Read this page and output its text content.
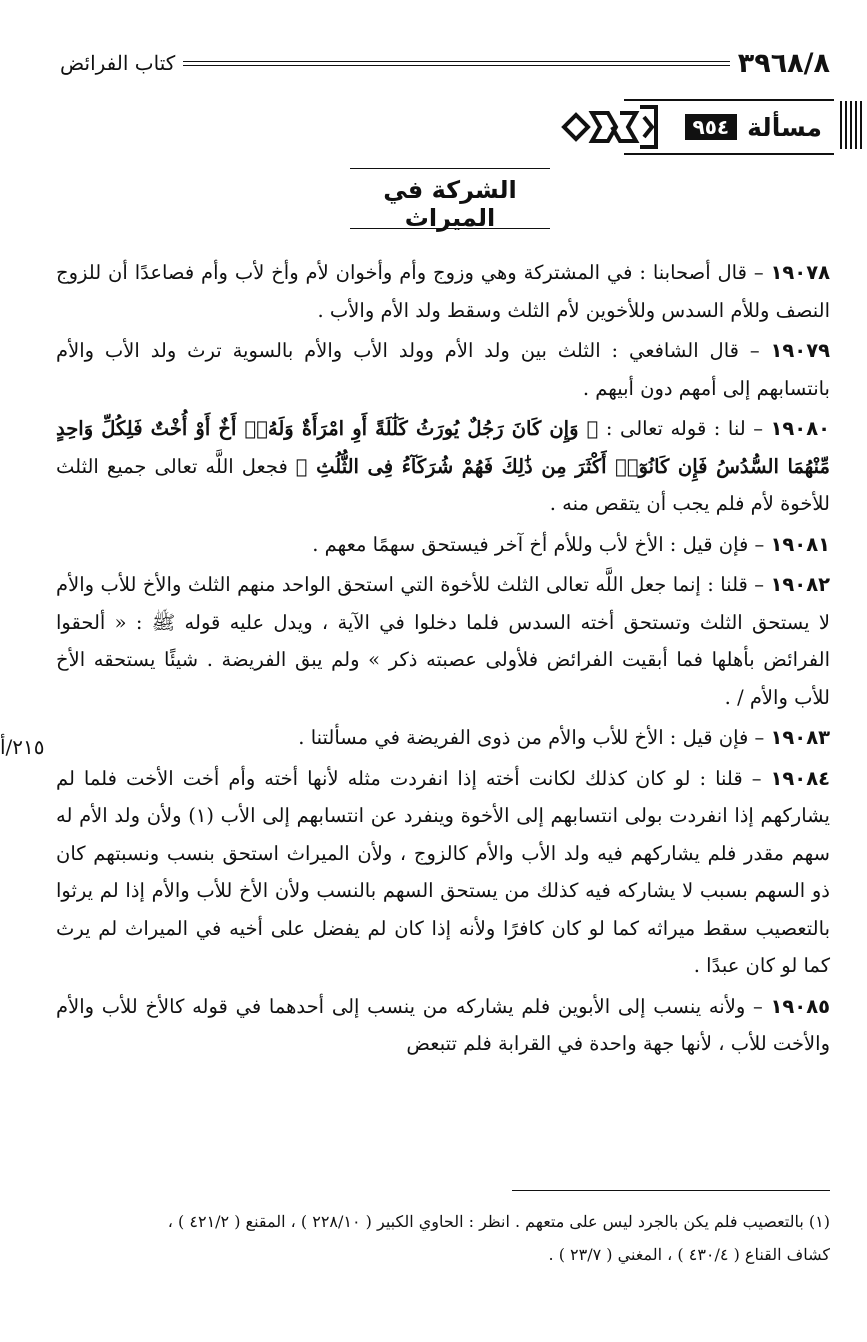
٣٩٦٨/٨
كتاب الفرائض
مسألة
٩٥٤
الشركة في الميراث

١٩٠٧٨ – قال أصحابنا : في المشتركة وهي وزوج وأم وأخوان لأم وأخ لأب وأم فصاعدًا أن للزوج النصف وللأم السدس وللأخوين لأم الثلث وسقط ولد الأم والأب .

١٩٠٧٩ – قال الشافعي : الثلث بين ولد الأم وولد الأب والأم بالسوية ترث ولد الأب والأم بانتسابهم إلى أمهم دون أبيهم .

١٩٠٨٠ – لنا : قوله تعالى : ﴿ وَإِن كَانَ رَجُلٌ يُورَثُ كَلَٰلَةً أَوِ امْرَأَةٌ وَلَهُۥٓ أَخٌ أَوْ أُخْتٌ فَلِكُلِّ وَاحِدٍ مِّنْهُمَا السُّدُسُ فَإِن كَانُوٓا۟ أَكْثَرَ مِن ذَٰلِكَ فَهُمْ شُرَكَآءُ فِى الثُّلُثِ ﴾ فجعل اللَّه تعالى جميع الثلث للأخوة لأم فلم يجب أن يتقص منه .

١٩٠٨١ – فإن قيل : الأخ لأب وللأم أخ آخر فيستحق سهمًا معهم .

١٩٠٨٢ – قلنا : إنما جعل اللَّه تعالى الثلث للأخوة التي استحق الواحد منهم الثلث والأخ للأب والأم لا يستحق الثلث وتستحق أخته السدس فلما دخلوا في الآية ، ويدل عليه قوله ﷺ : « ألحقوا الفرائض بأهلها فما أبقيت الفرائض فلأولى عصبته ذكر » ولم يبق الفريضة . شيئًا يستحقه الأخ للأب والأم / .

١٩٠٨٣ – فإن قيل : الأخ للأب والأم من ذوى الفريضة في مسألتنا .

١٩٠٨٤ – قلنا : لو كان كذلك لكانت أخته إذا انفردت مثله لأنها أخته وأم أخت الأخت فلما لم يشاركهم إذا انفردت بولى انتسابهم إلى الأخوة وينفرد عن انتسابهم إلى الأب (١) ولأن ولد الأم له سهم مقدر فلم يشاركهم فيه ولد الأب والأم كالزوج ، ولأن الميراث استحق بنسب ونسبتهم كان ذو السهم بسبب لا يشاركه فيه كذلك من يستحق السهم بالنسب ولأن الأخ للأب والأم إذا لم يرثوا بالتعصيب سقط ميراثه كما لو كان كافرًا ولأنه إذا كان لم يفضل على أخيه في الميراث لم يرث كما لو كان عبدًا .

١٩٠٨٥ – ولأنه ينسب إلى الأبوين فلم يشاركه من ينسب إلى أحدهما في قوله كالأخ للأب والأم والأخت للأب ، لأنها جهة واحدة في القرابة فلم تتبعض

٢١٥/أ
(١) بالتعصيب فلم يكن بالجرد ليس على متعهم . انظر : الحاوي الكبير ( ٢٢٨/١٠ ) ، المقنع ( ٤٢١/٢ ) ،
كشاف القناع ( ٤٣٠/٤ ) ، المغني ( ٢٣/٧ ) .
